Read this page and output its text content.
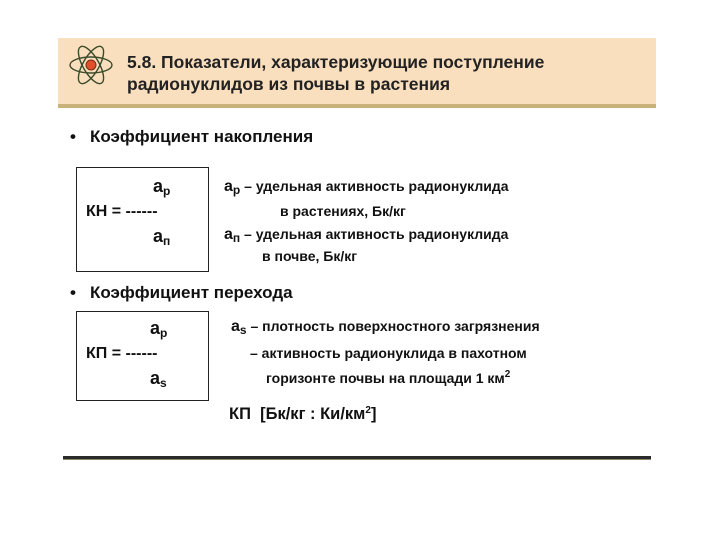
5.8. Показатели, характеризующие поступление
радионуклидов из почвы в растения
• Коэффициент накопления
aр
КН = ------
aп
aр – удельная активность радионуклида
в растениях, Бк/кг
aп – удельная активность радионуклида
в почве, Бк/кг
• Коэффициент перехода
aр
КП = ------
as
as – плотность поверхностного загрязнения
– активность радионуклида в пахотном
горизонте почвы на площади 1 $км^2$
КП [Бк/кг : $Ки/км^2$]
